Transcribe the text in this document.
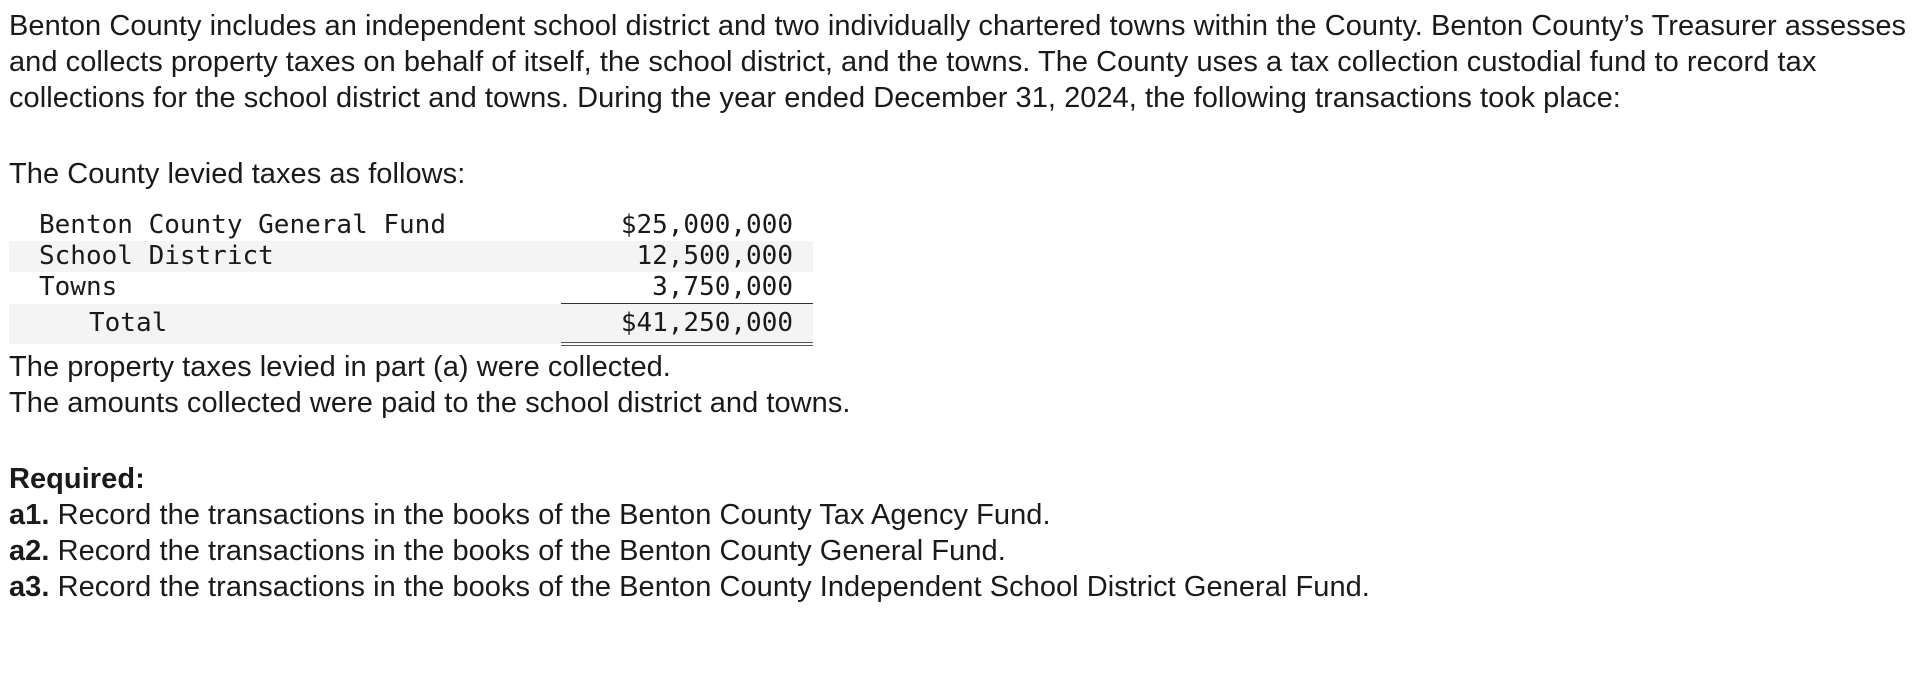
Benton County includes an independent school district and two individually chartered towns within the County. Benton County’s Treasurer assesses and collects property taxes on behalf of itself, the school district, and the towns. The County uses a tax collection custodial fund to record tax collections for the school district and towns. During the year ended December 31, 2024, the following transactions took place:

The County levied taxes as follows:

Benton County General Fund	$25,000,000
School District	12,500,000
Towns	3,750,000
Total	$41,250,000

The property taxes levied in part (a) were collected.

The amounts collected were paid to the school district and towns.

Required:

a1. Record the transactions in the books of the Benton County Tax Agency Fund.

a2. Record the transactions in the books of the Benton County General Fund.

a3. Record the transactions in the books of the Benton County Independent School District General Fund.
